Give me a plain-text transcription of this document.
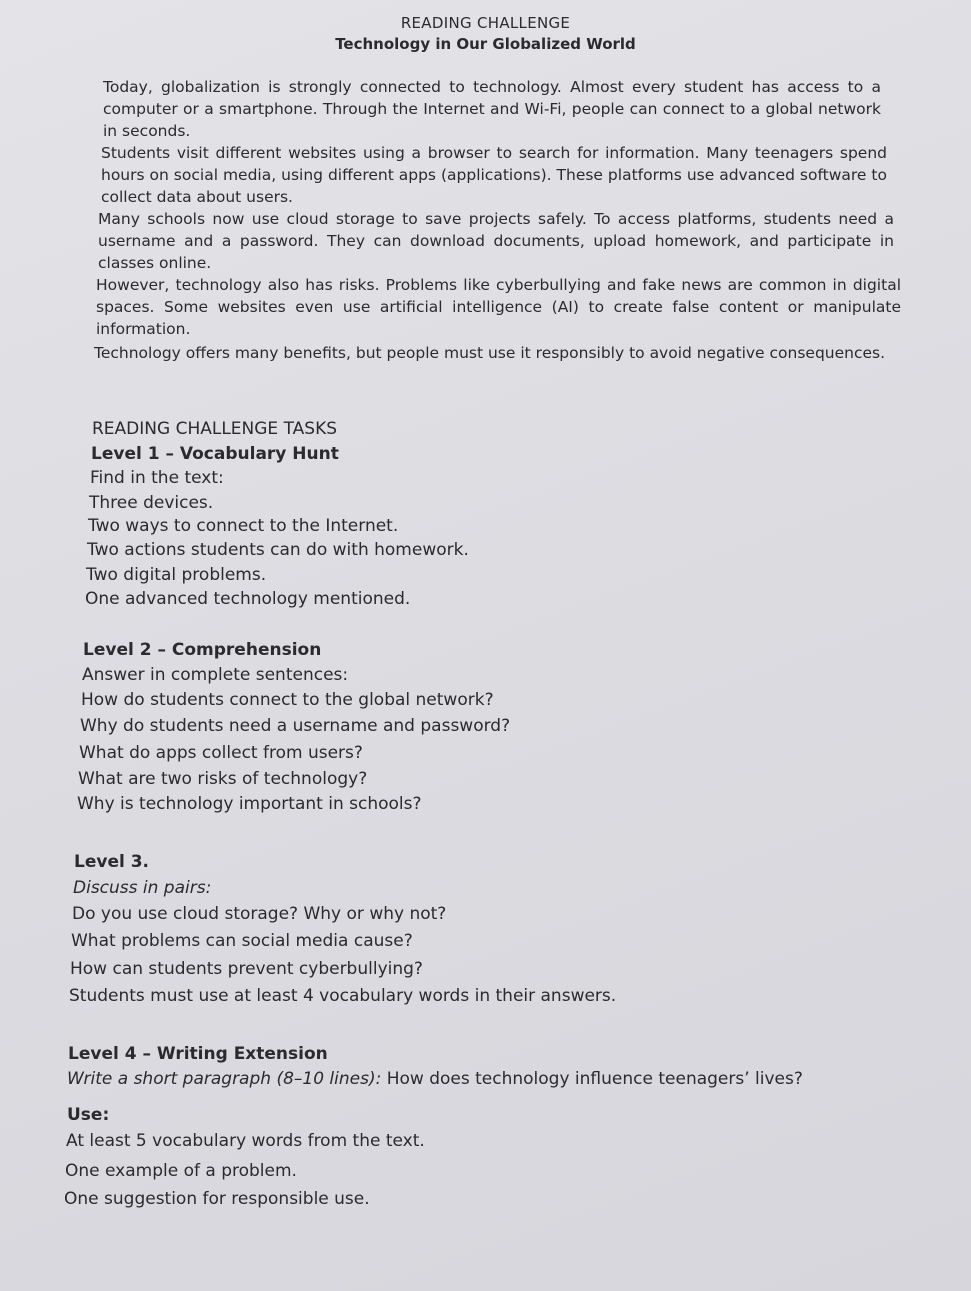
READING CHALLENGE
Technology in Our Globalized World
Today, globalization is strongly connected to technology. Almost every student has access to a computer or a smartphone. Through the Internet and Wi-Fi, people can connect to a global network in seconds.
Students visit different websites using a browser to search for information. Many teenagers spend hours on social media, using different apps (applications). These platforms use advanced software to collect data about users.
Many schools now use cloud storage to save projects safely. To access platforms, students need a username and a password. They can download documents, upload homework, and participate in classes online.
However, technology also has risks. Problems like cyberbullying and fake news are common in digital spaces. Some websites even use artificial intelligence (AI) to create false content or manipulate information.
Technology offers many benefits, but people must use it responsibly to avoid negative consequences.
READING CHALLENGE TASKS
Level 1 – Vocabulary Hunt
Find in the text:
Three devices.
Two ways to connect to the Internet.
Two actions students can do with homework.
Two digital problems.
One advanced technology mentioned.
Level 2 – Comprehension
Answer in complete sentences:
How do students connect to the global network?
Why do students need a username and password?
What do apps collect from users?
What are two risks of technology?
Why is technology important in schools?
Level 3.
Discuss in pairs:
Do you use cloud storage? Why or why not?
What problems can social media cause?
How can students prevent cyberbullying?
Students must use at least 4 vocabulary words in their answers.
Level 4 – Writing Extension
Write a short paragraph (8–10 lines): How does technology influence teenagers’ lives?
Use:
At least 5 vocabulary words from the text.
One example of a problem.
One suggestion for responsible use.
